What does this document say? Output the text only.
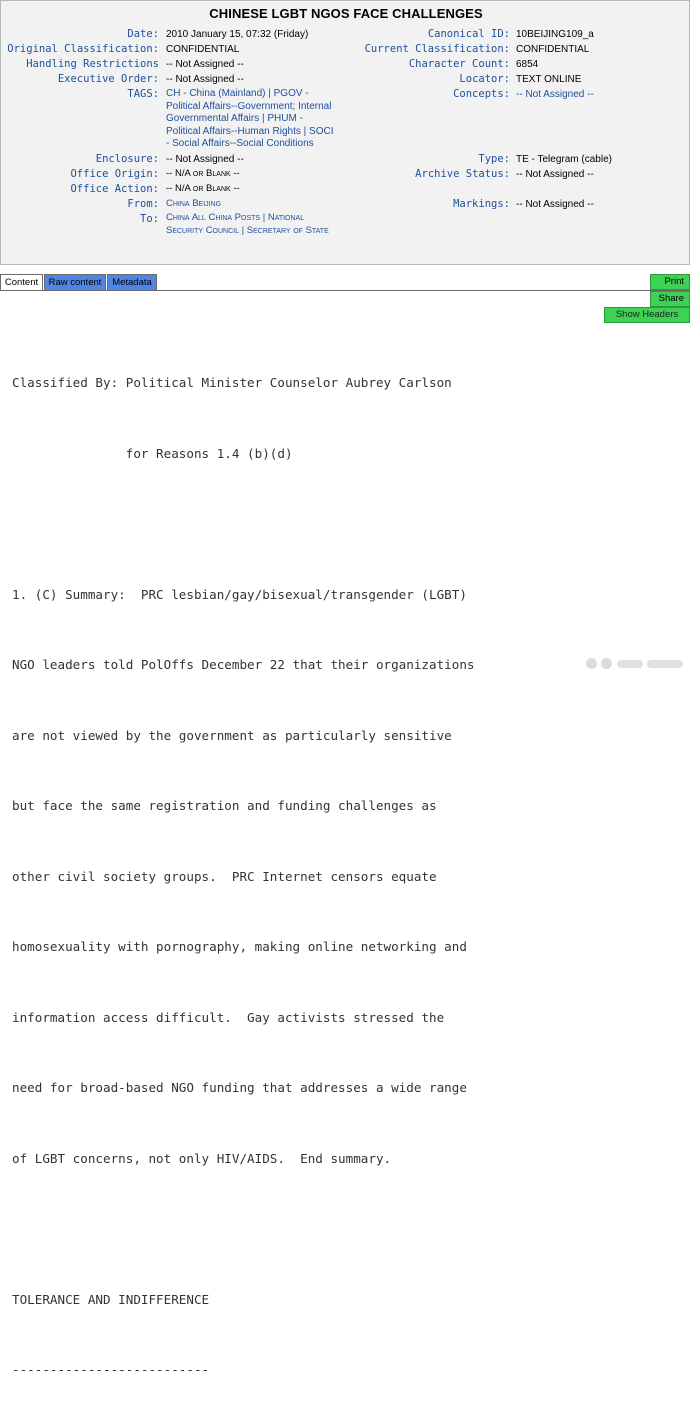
CHINESE LGBT NGOS FACE CHALLENGES
Date: 2010 January 15, 07:32 (Friday)
Original Classification: CONFIDENTIAL
Handling Restrictions -- Not Assigned --
Executive Order: -- Not Assigned --
TAGS: CH - China (Mainland) | PGOV -
Political Affairs--Government; Internal
Governmental Affairs | PHUM -
Political Affairs--Human Rights | SOCI
- Social Affairs--Social Conditions
Enclosure: -- Not Assigned --
Office Origin: -- N/A or Blank --
Office Action: -- N/A or Blank --
From: China Beijing
To: China All China Posts | National
Security Council | Secretary of State
Canonical ID: 10BEIJING109_a
Current Classification: CONFIDENTIAL
Character Count: 6854
Locator: TEXT ONLINE
Concepts: -- Not Assigned --
Type: TE - Telegram (cable)
Archive Status: -- Not Assigned --
Markings: -- Not Assigned --
Content	Raw content	Metadata	Print
Share
Show Headers

Classified By: Political Minister Counselor Aubrey Carlson

for Reasons 1.4 (b)(d)

1. (C) Summary:  PRC lesbian/gay/bisexual/transgender (LGBT)

NGO leaders told PolOffs December 22 that their organizations

are not viewed by the government as particularly sensitive

but face the same registration and funding challenges as

other civil society groups.  PRC Internet censors equate

homosexuality with pornography, making online networking and

information access difficult.  Gay activists stressed the

need for broad-based NGO funding that addresses a wide range

of LGBT concerns, not only HIV/AIDS.  End summary.

TOLERANCE AND INDIFFERENCE

--------------------------
